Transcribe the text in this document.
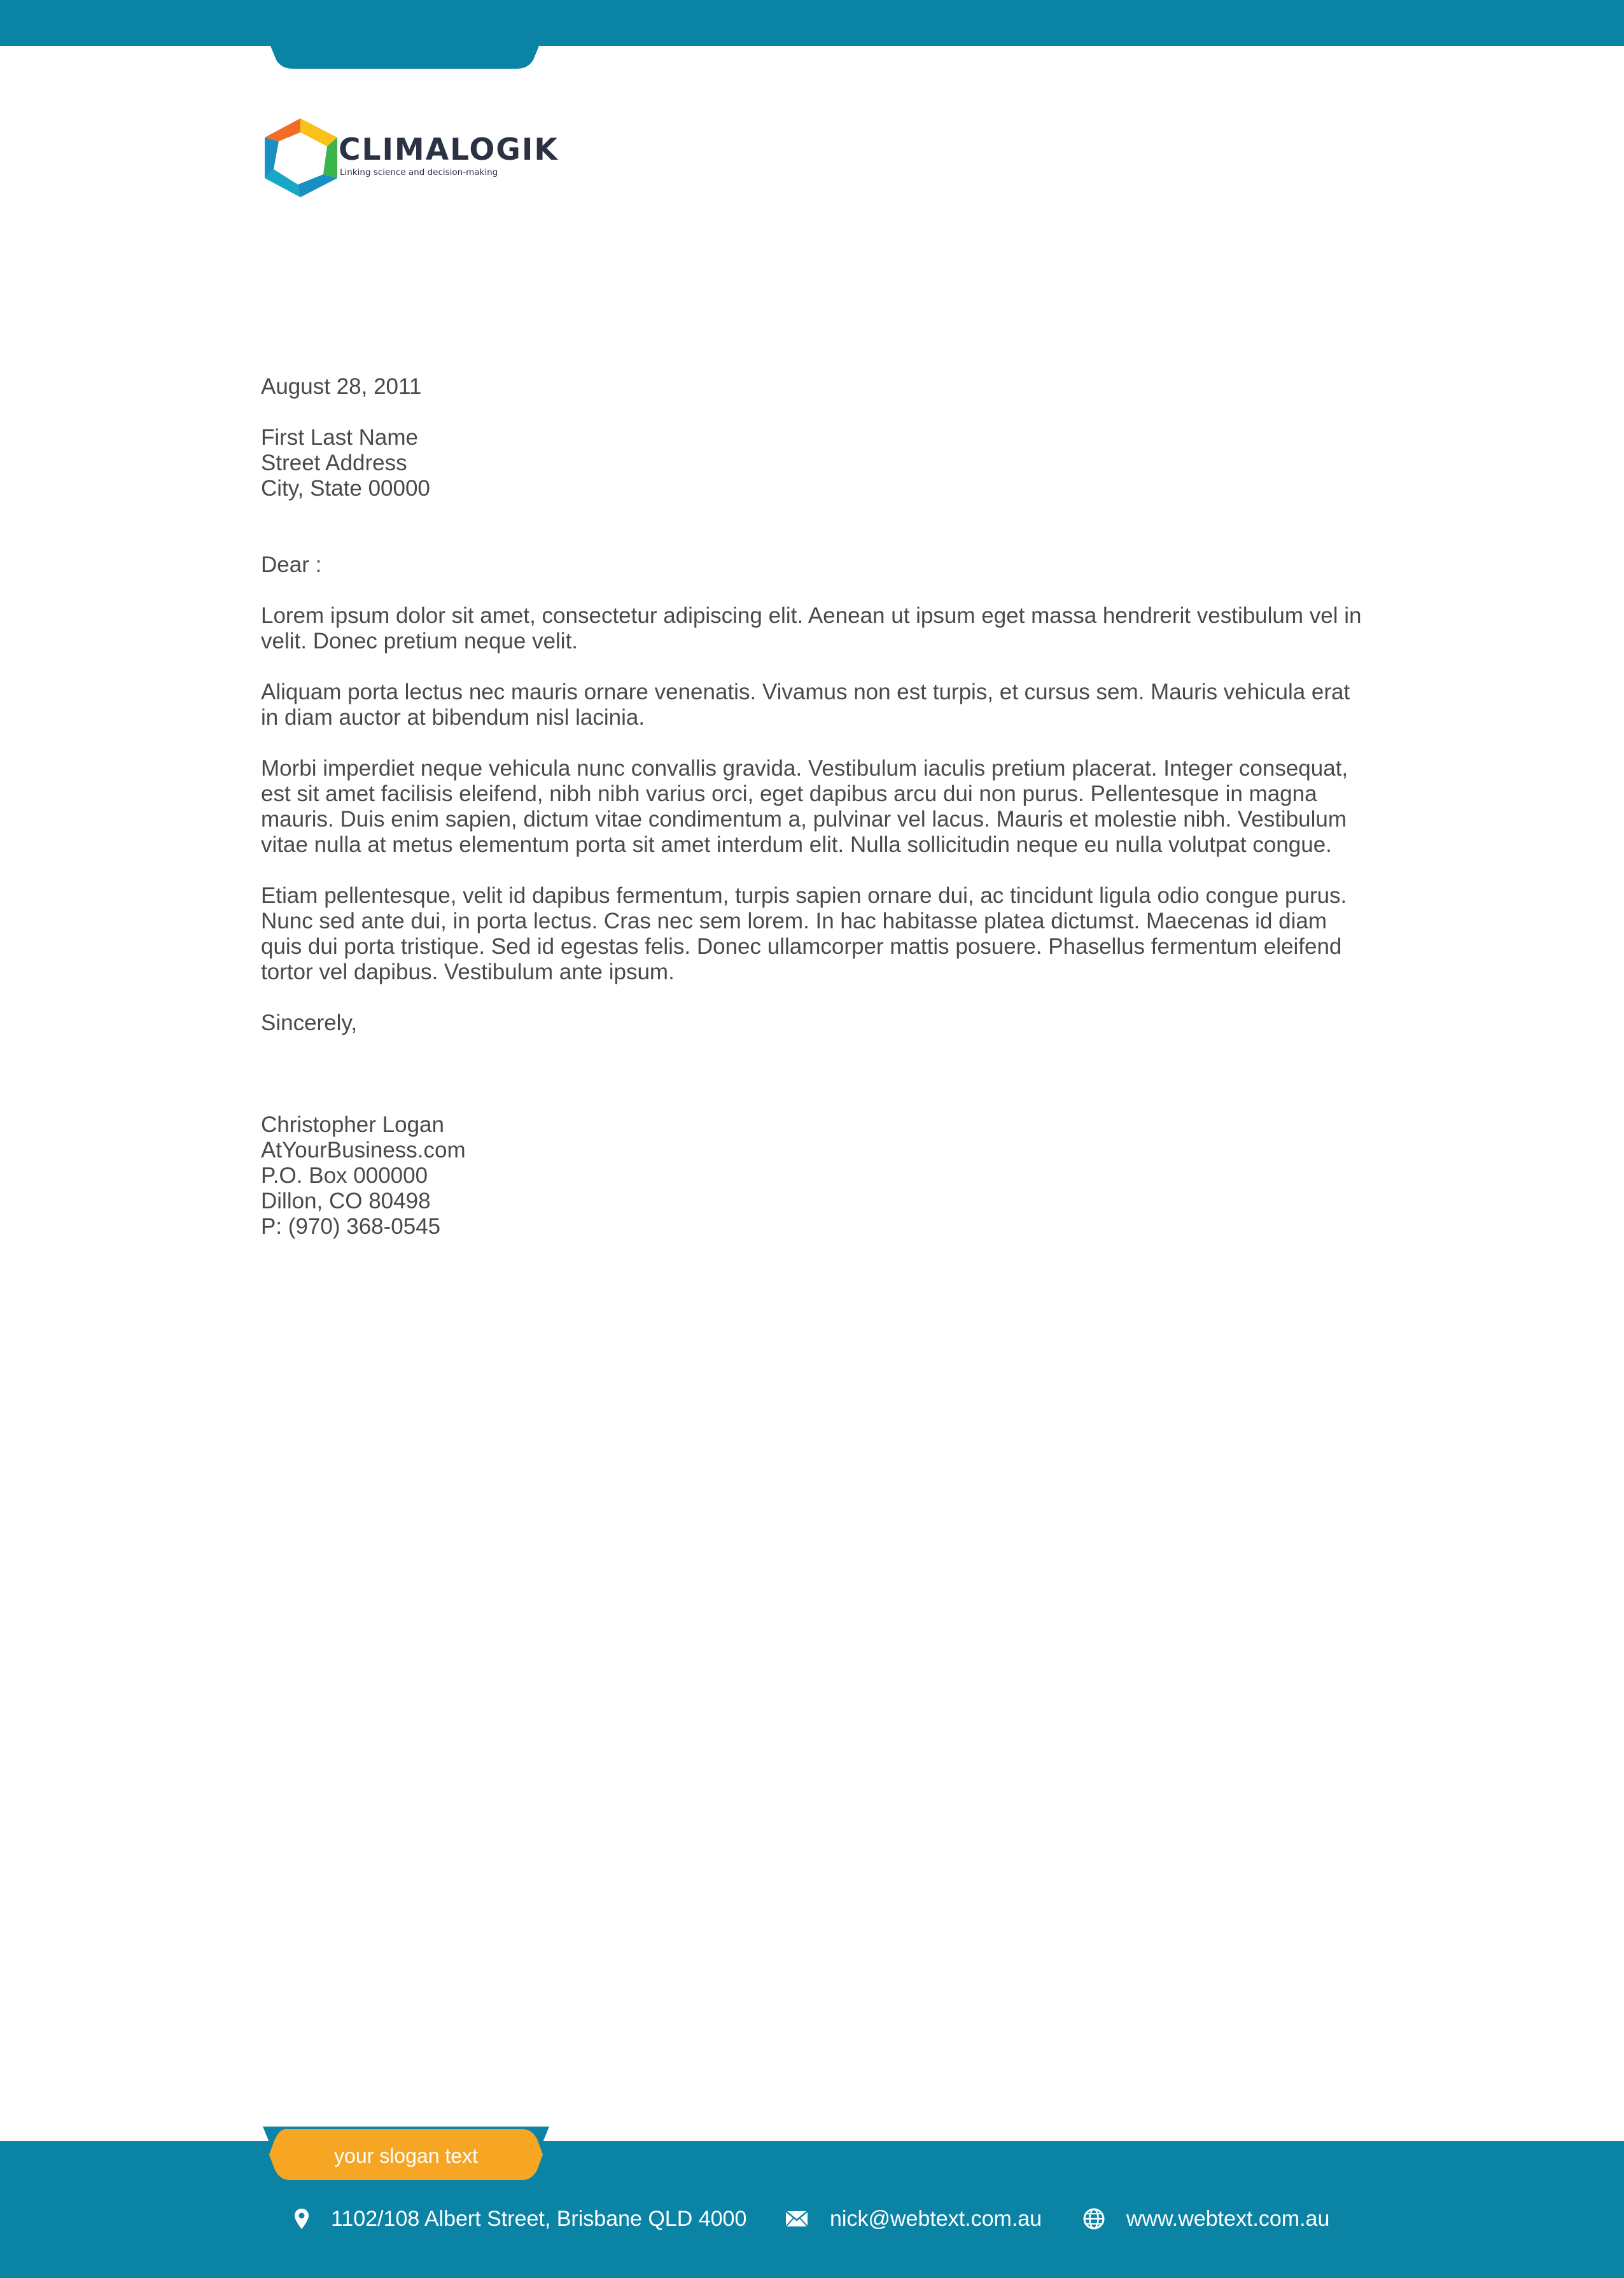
CLIMALOGIK
Linking science and decision-making

August 28, 2011

First Last Name

Street Address

City, State 00000

Dear :

Lorem ipsum dolor sit amet, consectetur adipiscing elit. Aenean ut ipsum eget massa hendrerit vestibulum vel in velit. Donec pretium neque velit.

Aliquam porta lectus nec mauris ornare venenatis. Vivamus non est turpis, et cursus sem. Mauris vehicula erat in diam auctor at bibendum nisl lacinia.

Morbi imperdiet neque vehicula nunc convallis gravida. Vestibulum iaculis pretium placerat. Integer consequat, est sit amet facilisis eleifend, nibh nibh varius orci, eget dapibus arcu dui non purus. Pellentesque in magna mauris. Duis enim sapien, dictum vitae condimentum a, pulvinar vel lacus. Mauris et molestie nibh. Vestibulum vitae nulla at metus elementum porta sit amet interdum elit. Nulla sollicitudin neque eu nulla volutpat congue.

Etiam pellentesque, velit id dapibus fermentum, turpis sapien ornare dui, ac tincidunt ligula odio congue purus. Nunc sed ante dui, in porta lectus. Cras nec sem lorem. In hac habitasse platea dictumst. Maecenas id diam quis dui porta tristique. Sed id egestas felis. Donec ullamcorper mattis posuere. Phasellus fermentum eleifend tortor vel dapibus. Vestibulum ante ipsum.

Sincerely,

Christopher Logan

AtYourBusiness.com

P.O. Box 000000

Dillon, CO 80498

P: (970) 368-0545

your slogan text
1102/108 Albert Street, Brisbane QLD 4000	nick@webtext.com.au	www.webtext.com.au
